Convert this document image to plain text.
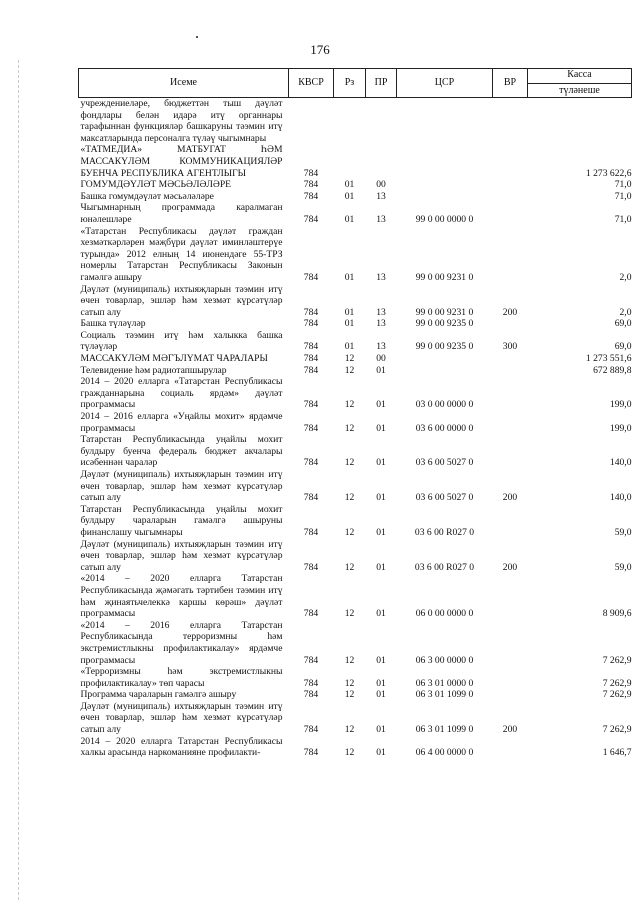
176
Исеме	КВСР	Рз	ПР	ЦСР	ВР	Касса
түләнеше

учреждениеләре, бюджеттән тыш дәүләт фондлары белән идарә итү органнары тарафыннан функцияләр башкаруны тәэмин итү максатларында персоналга түләү чыгымнары						
«ТАТМЕДИА» МАТБУГАТ ҺӘМ МАССАКҮЛӘМ КОММУНИКАЦИЯЛӘР БУЕНЧА РЕСПУБЛИКА АГЕНТЛЫГЫ	784					1 273 622,6
ГОМУМДӘҮЛӘТ МӘСЬӘЛӘЛӘРЕ	784	01	00			71,0
Башка гомумдәүләт мәсьәләләре	784	01	13			71,0
Чыгымнарның программада каралмаган юнәлешләре	784	01	13	99 0 00 0000 0		71,0
«Татарстан Республикасы дәүләт граждан хезмәткәрләрен мәҗбүри дәүләт иминләштерүе турында» 2012 елның 14 июнендәге 55-ТРЗ номерлы Татарстан Республикасы Законын гамәлгә ашыру	784	01	13	99 0 00 9231 0		2,0
Дәүләт (муниципаль) ихтыяҗларын тәэмин итү өчен товарлар, эшләр һәм хезмәт күрсәтүләр сатып алу	784	01	13	99 0 00 9231 0	200	2,0
Башка түләүләр	784	01	13	99 0 00 9235 0		69,0
Социаль тәэмин итү һәм халыкка башка түләүләр	784	01	13	99 0 00 9235 0	300	69,0
МАССАКҮЛӘМ МӘГЪЛҮМАТ ЧАРАЛАРЫ	784	12	00			1 273 551,6
Телевидение һәм радиотапшырулар	784	12	01			672 889,8
2014 – 2020 елларга «Татарстан Республикасы гражданнарына социаль ярдәм» дәүләт программасы	784	12	01	03 0 00 0000 0		199,0
2014 – 2016 елларга «Уңайлы мохит» ярдәмче программасы	784	12	01	03 6 00 0000 0		199,0
Татарстан Республикасында уңайлы мохит булдыру буенча федераль бюджет акчалары исәбеннән чараләр	784	12	01	03 6 00 5027 0		140,0
Дәүләт (муниципаль) ихтыяҗларын тәэмин итү өчен товарлар, эшләр һәм хезмәт күрсәтүләр сатып алу	784	12	01	03 6 00 5027 0	200	140,0
Татарстан Республикасында уңайлы мохит булдыру чараларын гамәлгә ашыруны финанслашу чыгымнары	784	12	01	03 6 00 R027 0		59,0
Дәүләт (муниципаль) ихтыяҗларын тәэмин итү өчен товарлар, эшләр һәм хезмәт күрсәтүләр сатып алу	784	12	01	03 6 00 R027 0	200	59,0
«2014 – 2020 елларга Татарстан Республикасында җәмәгать тәртибен тәэмин итү һәм җинаятьчелеккә каршы көрәш» дәүләт программасы	784	12	01	06 0 00 0000 0		8 909,6
«2014 – 2016 елларга Татарстан Республикасында терроризмны һәм экстремистлыкны профилактикалау» ярдәмче программасы	784	12	01	06 3 00 0000 0		7 262,9
«Терроризмны һәм экстремистлыкны профилактикалау» төп чарасы	784	12	01	06 3 01 0000 0		7 262,9
Программа чараларын гамәлгә ашыру	784	12	01	06 3 01 1099 0		7 262,9
Дәүләт (муниципаль) ихтыяҗларын тәэмин итү өчен товарлар, эшләр һәм хезмәт күрсәтүләр сатып алу	784	12	01	06 3 01 1099 0	200	7 262,9
2014 – 2020 елларга Татарстан Республикасы халкы арасында наркоманияне профилакти-	784	12	01	06 4 00 0000 0		1 646,7
